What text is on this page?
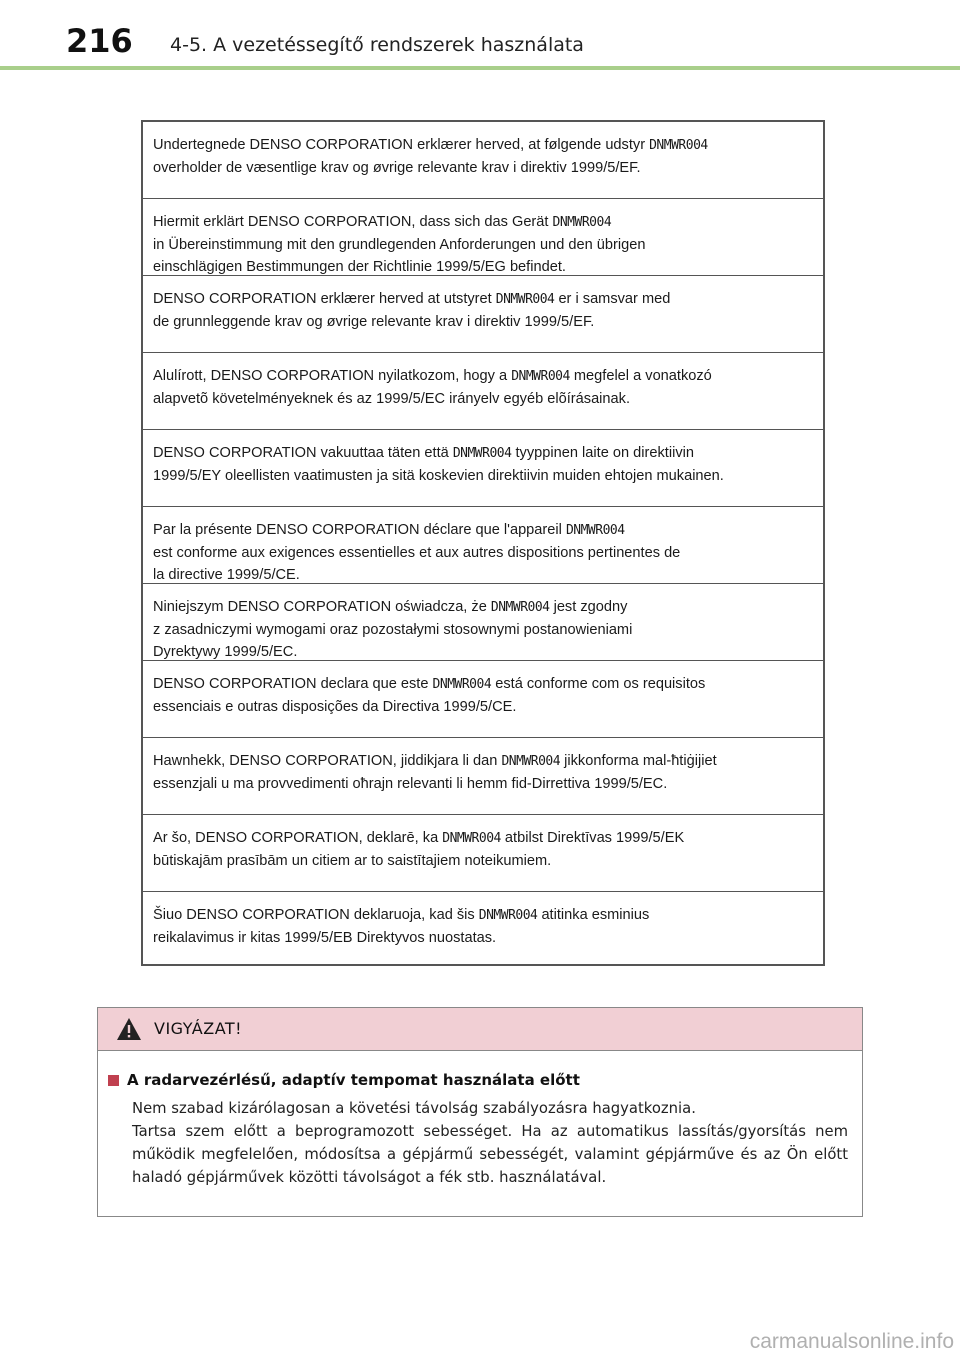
216 4-5. A vezetéssegítő rendszerek használata
Undertegnede DENSO CORPORATION erklærer herved, at følgende udstyr DNMWR004
overholder de væsentlige krav og øvrige relevante krav i direktiv 1999/5/EF.
Hiermit erklärt DENSO CORPORATION, dass sich das Gerät DNMWR004
in Übereinstimmung mit den grundlegenden Anforderungen und den übrigen
einschlägigen Bestimmungen der Richtlinie 1999/5/EG befindet.
DENSO CORPORATION erklærer herved at utstyret DNMWR004 er i samsvar med
de grunnleggende krav og øvrige relevante krav i direktiv 1999/5/EF.
Alulírott, DENSO CORPORATION nyilatkozom, hogy a DNMWR004 megfelel a vonatkozó
alapvetõ követelményeknek és az 1999/5/EC irányelv egyéb elõírásainak.
DENSO CORPORATION vakuuttaa täten että DNMWR004 tyyppinen laite on direktiivin
1999/5/EY oleellisten vaatimusten ja sitä koskevien direktiivin muiden ehtojen mukainen.
Par la présente DENSO CORPORATION déclare que l'appareil DNMWR004
est conforme aux exigences essentielles et aux autres dispositions pertinentes de
la directive 1999/5/CE.
Niniejszym DENSO CORPORATION oświadcza, że DNMWR004 jest zgodny
z zasadniczymi wymogami oraz pozostałymi stosownymi postanowieniami
Dyrektywy 1999/5/EC.
DENSO CORPORATION declara que este DNMWR004 está conforme com os requisitos
essenciais e outras disposições da Directiva 1999/5/CE.
Hawnhekk, DENSO CORPORATION, jiddikjara li dan DNMWR004 jikkonforma mal-ħtiġijiet
essenzjali u ma provvedimenti oħrajn relevanti li hemm fid-Dirrettiva 1999/5/EC.
Ar šo, DENSO CORPORATION, deklarē, ka DNMWR004 atbilst Direktīvas 1999/5/EK
būtiskajām prasībām un citiem ar to saistītajiem noteikumiem.
Šiuo DENSO CORPORATION deklaruoja, kad šis DNMWR004 atitinka esminius
reikalavimus ir kitas 1999/5/EB Direktyvos nuostatas.
VIGYÁZAT!
A radarvezérlésű, adaptív tempomat használata előtt

Nem szabad kizárólagosan a követési távolság szabályozásra hagyatkoznia.

Tartsa szem előtt a beprogramozott sebességet. Ha az automatikus lassítás/gyorsítás nem működik megfelelően, módosítsa a gépjármű sebességét, valamint gépjárműve és az Ön előtt haladó gépjárművek közötti távolságot a fék stb. használatával.

carmanualsonline.info
